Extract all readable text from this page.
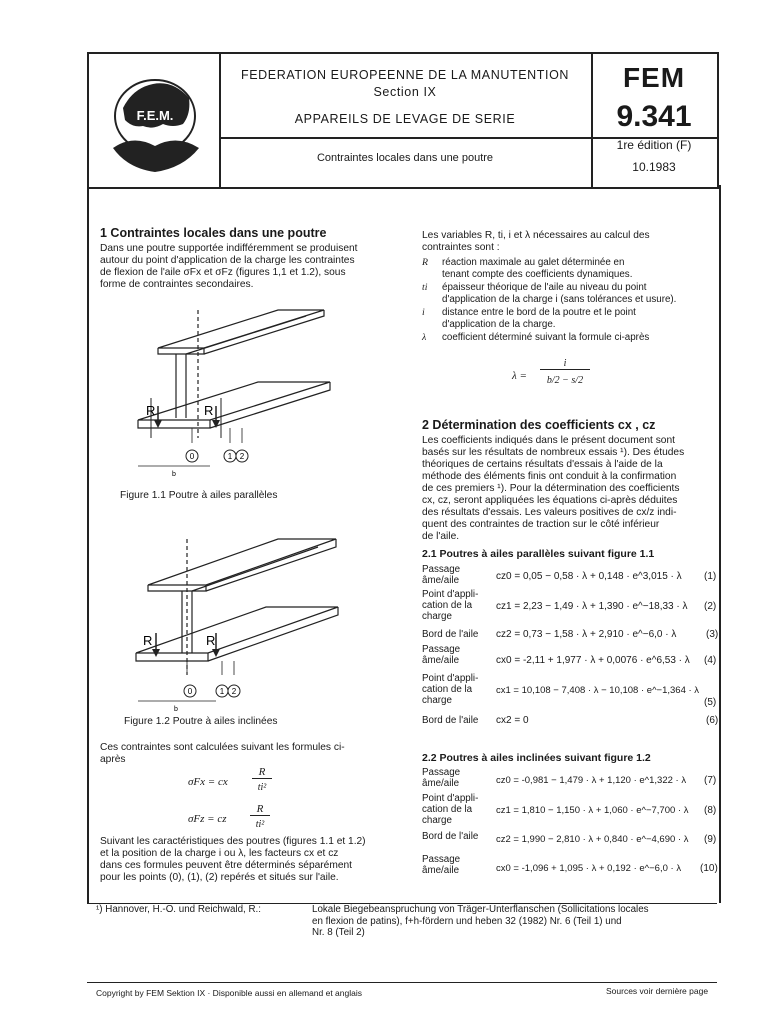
F.E.M.
FEDERATION EUROPEENNE DE LA MANUTENTION
Section IX
APPAREILS DE LEVAGE DE SERIE
Contraintes locales dans une poutre
FEM
9.341
1re édition (F)
10.1983
1 Contraintes locales dans une poutre
Dans une poutre supportée indifféremment se produisent
autour du point d'application de la charge les contraintes
de flexion de l'aile σFx et σFz (figures 1,1 et 1.2), sous
forme de contraintes secondaires.
R	R
0	1 2
b
Figure 1.1 Poutre à ailes parallèles
R	R
0	1 2
b
Figure 1.2 Poutre à ailes inclinées
Ces contraintes sont calculées suivant les formules ci-
après
σFx = cx
R
ti²
σFz = cz
R
ti²
Suivant les caractéristiques des poutres (figures 1.1 et 1.2)
et la position de la charge i ou λ, les facteurs cx et cz
dans ces formules peuvent être déterminés séparément
pour les points (0), (1), (2) repérés et situés sur l'aile.
Les variables R, ti, i et λ nécessaires au calcul des
contraintes sont :
R	réaction maximale au galet déterminée en
tenant compte des coefficients dynamiques.
ti	épaisseur théorique de l'aile au niveau du point
d'application de la charge i (sans tolérances et usure).
i	distance entre le bord de la poutre et le point
d'application de la charge.
λ	coefficient déterminé suivant la formule ci-après
λ =
i
b/2 − s/2
2 Détermination des coefficients cx , cz
Les coefficients indiqués dans le présent document sont
basés sur les résultats de nombreux essais ¹). Des études
théoriques de certains résultats d'essais à l'aide de la
méthode des éléments finis ont conduit à la confirmation
de ces premiers ¹). Pour la détermination des coefficients
cx, cz, seront appliquées les équations ci-après déduites
des résultats d'essais. Les valeurs positives de cx/z indi-
quent des contraintes de traction sur le côté inférieur
de l'aile.
2.1 Poutres à ailes parallèles suivant figure 1.1
Passage
âme/aile	cz0 = 0,05 − 0,58 · λ + 0,148 · e^3,015 · λ (1)
Point d'appli-
cation de la
charge
cz1 = 2,23 − 1,49 · λ + 1,390 · e^−18,33 · λ (2)
Bord de l'aile cz2 = 0,73 − 1,58 · λ + 2,910 · e^−6,0 · λ	(3)
Passage
âme/aile	cx0 = -2,11 + 1,977 · λ + 0,0076 · e^6,53 · λ (4)
Point d'appli-
cation de la
charge
cx1 = 10,108 − 7,408 · λ − 10,108 · e^−1,364 · λ
(5)
Bord de l'aile cx2 = 0	(6)
2.2 Poutres à ailes inclinées suivant figure 1.2
Passage
âme/aile	cz0 = -0,981 − 1,479 · λ + 1,120 · e^1,322 · λ (7)
Point d'appli-
cation de la
charge
cz1 = 1,810 − 1,150 · λ + 1,060 · e^−7,700 · λ (8)
Bord de l'aile cz2 = 1,990 − 2,810 · λ + 0,840 · e^−4,690 · λ (9)
Passage
âme/aile	cx0 = -1,096 + 1,095 · λ + 0,192 · e^−6,0 · λ (10)
¹) Hannover, H.-O. und Reichwald, R.:	Lokale Biegebeanspruchung von Träger-Unterflanschen (Sollicitations locales
en flexion de patins), f+h-fördern und heben 32 (1982) Nr. 6 (Teil 1) und
Nr. 8 (Teil 2)
Copyright by FEM Sektion IX · Disponible aussi en allemand et anglais	Sources voir dernière page
